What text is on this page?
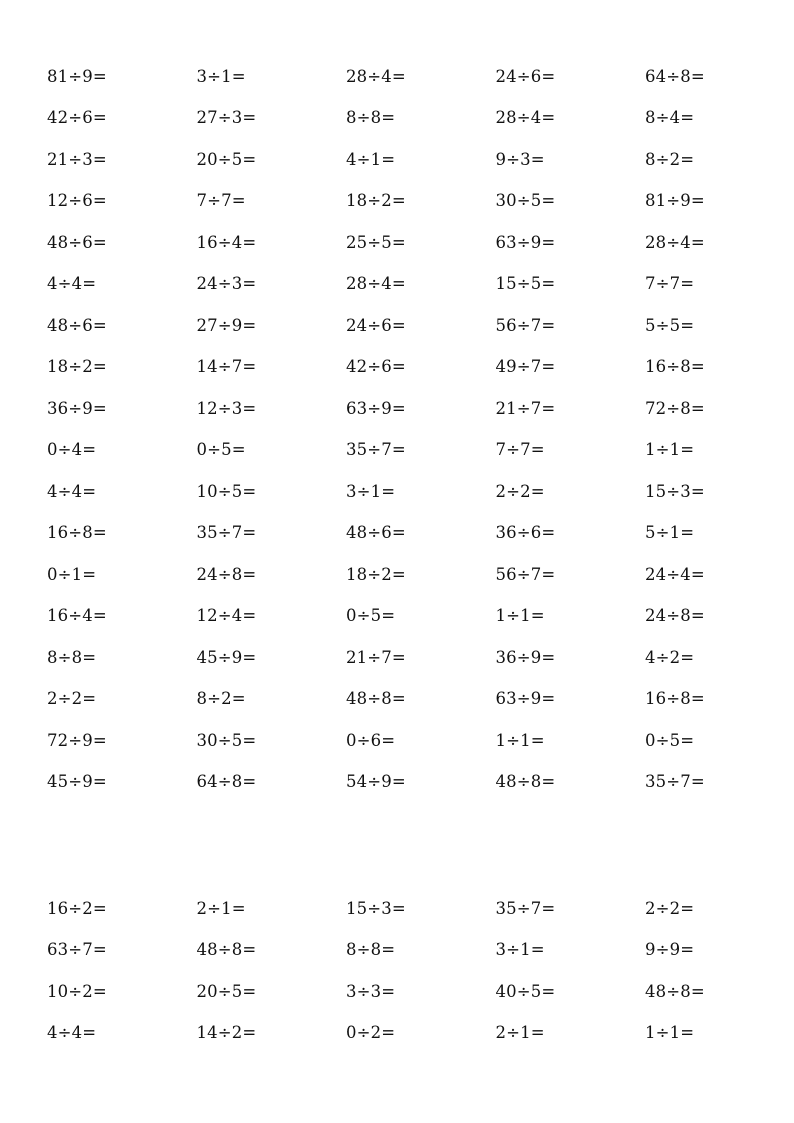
81÷9=	3÷1=	28÷4=	24÷6=	64÷8=
42÷6=	27÷3=	8÷8=	28÷4=	8÷4=
21÷3=	20÷5=	4÷1=	9÷3=	8÷2=
12÷6=	7÷7=	18÷2=	30÷5=	81÷9=
48÷6=	16÷4=	25÷5=	63÷9=	28÷4=
4÷4=	24÷3=	28÷4=	15÷5=	7÷7=
48÷6=	27÷9=	24÷6=	56÷7=	5÷5=
18÷2=	14÷7=	42÷6=	49÷7=	16÷8=
36÷9=	12÷3=	63÷9=	21÷7=	72÷8=
0÷4=	0÷5=	35÷7=	7÷7=	1÷1=
4÷4=	10÷5=	3÷1=	2÷2=	15÷3=
16÷8=	35÷7=	48÷6=	36÷6=	5÷1=
0÷1=	24÷8=	18÷2=	56÷7=	24÷4=
16÷4=	12÷4=	0÷5=	1÷1=	24÷8=
8÷8=	45÷9=	21÷7=	36÷9=	4÷2=
2÷2=	8÷2=	48÷8=	63÷9=	16÷8=
72÷9=	30÷5=	0÷6=	1÷1=	0÷5=
45÷9=	64÷8=	54÷9=	48÷8=	35÷7=
16÷2=	2÷1=	15÷3=	35÷7=	2÷2=
63÷7=	48÷8=	8÷8=	3÷1=	9÷9=
10÷2=	20÷5=	3÷3=	40÷5=	48÷8=
4÷4=	14÷2=	0÷2=	2÷1=	1÷1=
